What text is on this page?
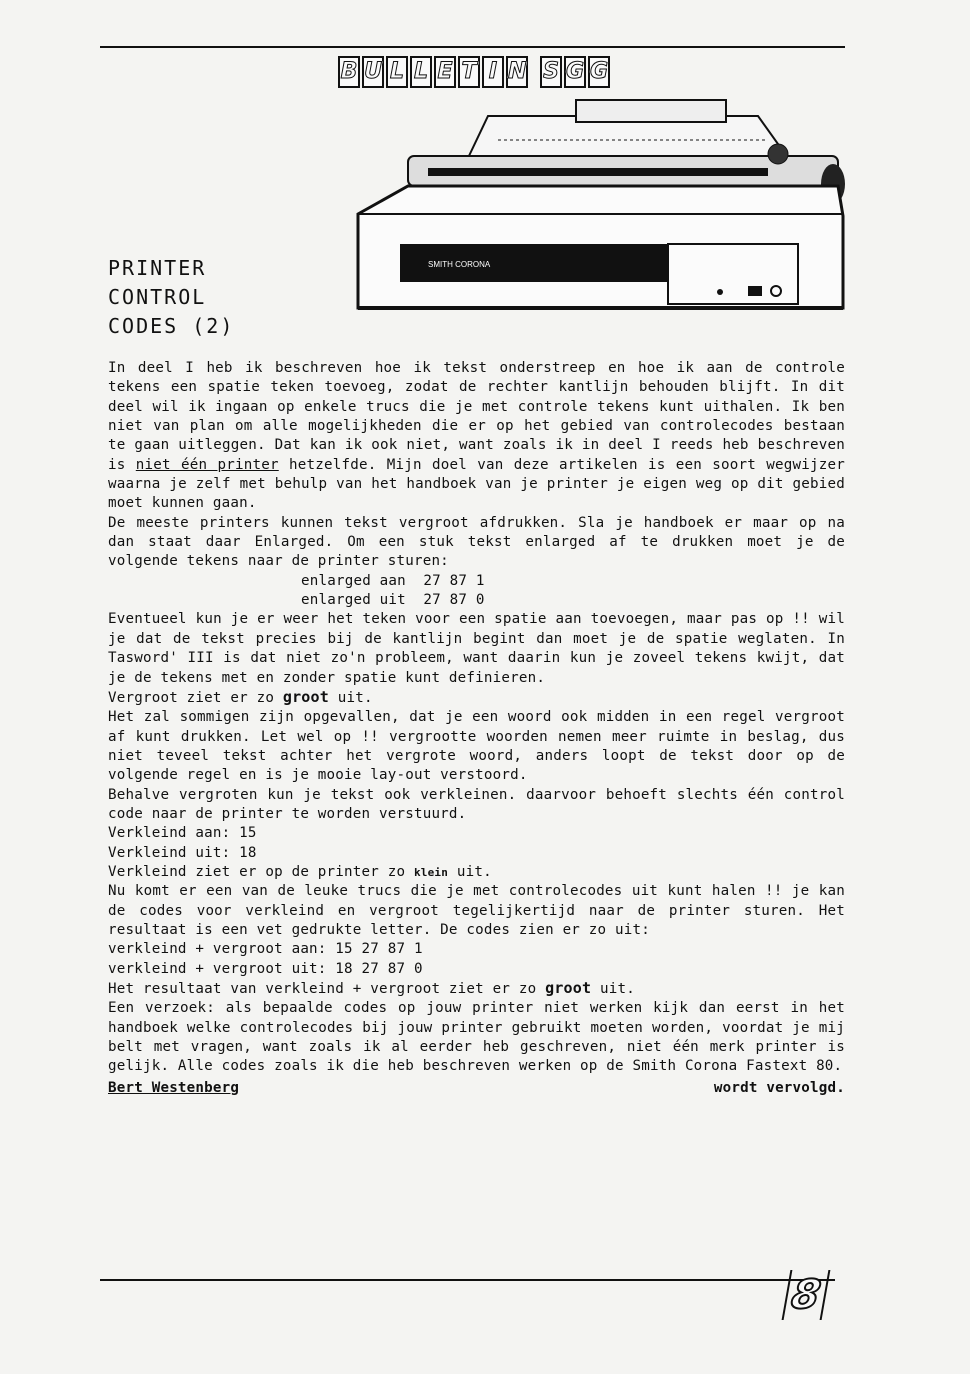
B U L L E T I N S G G
SMITH CORONA
PRINTER
CONTROL
CODES (2)

In deel I heb ik beschreven hoe ik tekst onderstreep en hoe ik aan de controle tekens een spatie teken toevoeg, zodat de rechter kantlijn behouden blijft. In dit deel wil ik ingaan op enkele trucs die je met controle tekens kunt uithalen. Ik ben niet van plan om alle mogelijkheden die er op het gebied van controlecodes bestaan te gaan uitleggen. Dat kan ik ook niet, want zoals ik in deel I reeds heb beschreven is niet één printer hetzelfde. Mijn doel van deze artikelen is een soort wegwijzer waarna je zelf met behulp van het handboek van je printer je eigen weg op dit gebied moet kunnen gaan.

De meeste printers kunnen tekst vergroot afdrukken. Sla je handboek er maar op na dan staat daar Enlarged. Om een stuk tekst enlarged af te drukken moet je de volgende tekens naar de printer sturen:

enlarged aan  27 87 1
enlarged uit  27 87 0

Eventueel kun je er weer het teken voor een spatie aan toevoegen, maar pas op !! wil je dat de tekst precies bij de kantlijn begint dan moet je de spatie weglaten. In Tasword' III is dat niet zo'n probleem, want daarin kun je zoveel tekens kwijt, dat je de tekens met en zonder spatie kunt definieren.

Vergroot ziet er zo groot uit.

Het zal sommigen zijn opgevallen, dat je een woord ook midden in een regel vergroot af kunt drukken. Let wel op !! vergrootte woorden nemen meer ruimte in beslag, dus niet teveel tekst achter het vergrote woord, anders loopt de tekst door op de volgende regel en is je mooie lay-out verstoord.

Behalve vergroten kun je tekst ook verkleinen. daarvoor behoeft slechts één control code naar de printer te worden verstuurd.

Verkleind aan: 15
Verkleind uit: 18

Verkleind ziet er op de printer zo klein uit.

Nu komt er een van de leuke trucs die je met controlecodes uit kunt halen !! je kan de codes voor verkleind en vergroot tegelijkertijd naar de printer sturen. Het resultaat is een vet gedrukte letter. De codes zien er zo uit:

verkleind + vergroot aan: 15 27 87 1
verkleind + vergroot uit: 18 27 87 0

Het resultaat van verkleind + vergroot ziet er zo groot uit.

Een verzoek: als bepaalde codes op jouw printer niet werken kijk dan eerst in het handboek welke controlecodes bij jouw printer gebruikt moeten worden, voordat je mij belt met vragen, want zoals ik al eerder heb geschreven, niet één merk printer is gelijk. Alle codes zoals ik die heb beschreven werken op de Smith Corona Fastext 80.

Bert Westenberg	wordt vervolgd.
8
